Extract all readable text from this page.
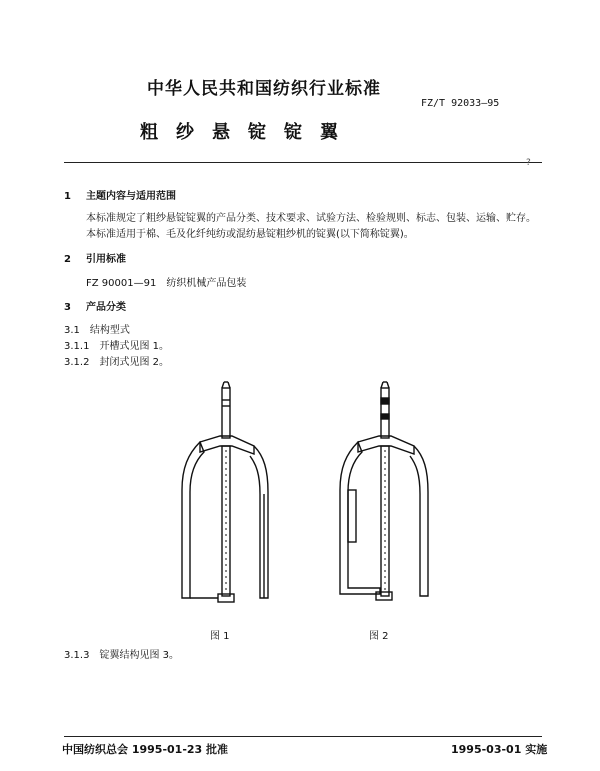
中华人民共和国纺织行业标准
FZ/T 92033—95
粗纱悬锭锭翼
?
1 主题内容与适用范围
本标准规定了粗纱悬锭锭翼的产品分类、技术要求、试验方法、检验规则、标志、包装、运输、贮存。
本标准适用于棉、毛及化纤纯纺或混纺悬锭粗纱机的锭翼(以下简称锭翼)。
2 引用标准
FZ 90001—91　纺织机械产品包装
3 产品分类
3.1　结构型式
3.1.1　开槽式见图 1。
3.1.2　封闭式见图 2。
图 1	图 2
3.1.3　锭翼结构见图 3。
中国纺织总会 1995-01-23 批准	1995-03-01 实施
